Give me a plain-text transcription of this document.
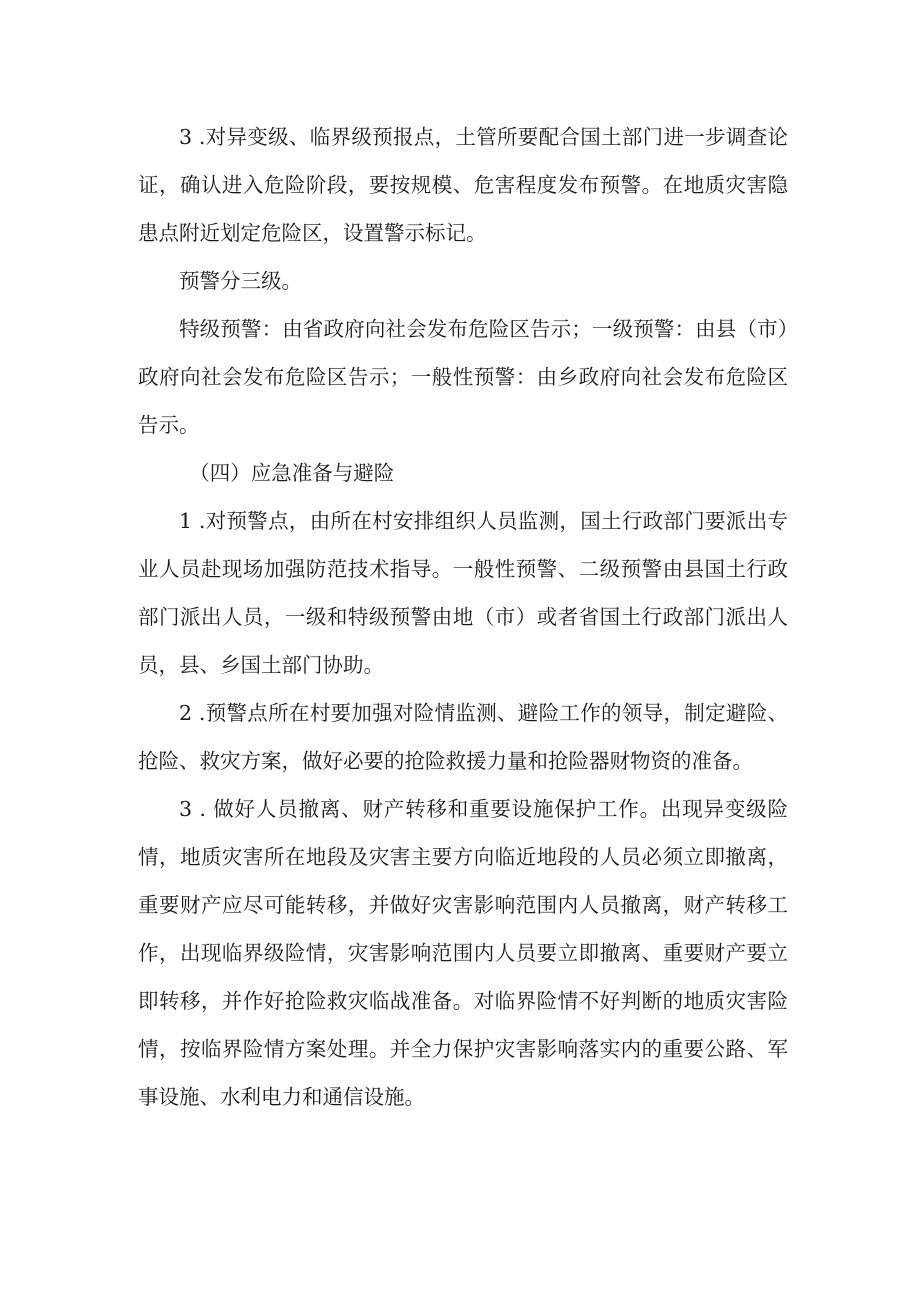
3 .对异变级、临界级预报点，土管所要配合国土部门进一步调查论证，确认进入危险阶段，要按规模、危害程度发布预警。在地质灾害隐患点附近划定危险区，设置警示标记。

预警分三级。

特级预警：由省政府向社会发布危险区告示；一级预警：由县（市）政府向社会发布危险区告示；一般性预警：由乡政府向社会发布危险区告示。

（四）应急准备与避险

1 .对预警点，由所在村安排组织人员监测，国土行政部门要派出专业人员赴现场加强防范技术指导。一般性预警、二级预警由县国土行政部门派出人员，一级和特级预警由地（市）或者省国土行政部门派出人员，县、乡国土部门协助。

2 .预警点所在村要加强对险情监测、避险工作的领导，制定避险、抢险、救灾方案，做好必要的抢险救援力量和抢险器财物资的准备。

3 . 做好人员撤离、财产转移和重要设施保护工作。出现异变级险情，地质灾害所在地段及灾害主要方向临近地段的人员必须立即撤离，重要财产应尽可能转移，并做好灾害影响范围内人员撤离，财产转移工作，出现临界级险情，灾害影响范围内人员要立即撤离、重要财产要立即转移，并作好抢险救灾临战准备。对临界险情不好判断的地质灾害险情，按临界险情方案处理。并全力保护灾害影响落实内的重要公路、军事设施、水利电力和通信设施。
